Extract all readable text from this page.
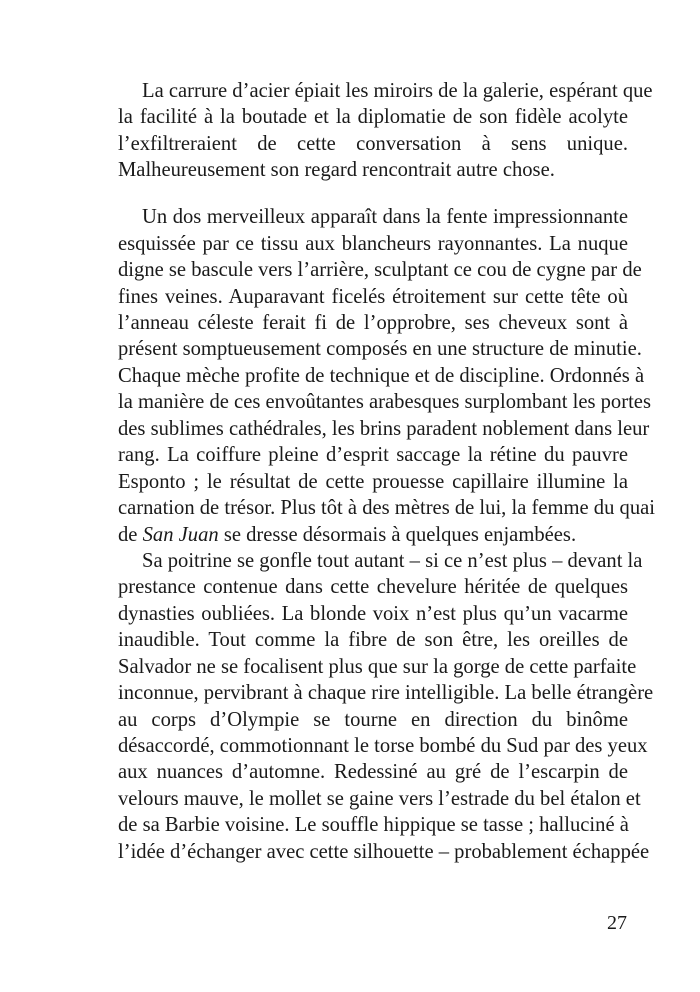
La carrure d’acier épiait les miroirs de la galerie, espérant que
la facilité à la boutade et la diplomatie de son fidèle acolyte
l’exfiltreraient de cette conversation à sens unique.
Malheureusement son regard rencontrait autre chose.
Un dos merveilleux apparaît dans la fente impressionnante
esquissée par ce tissu aux blancheurs rayonnantes. La nuque
digne se bascule vers l’arrière, sculptant ce cou de cygne par de
fines veines. Auparavant ficelés étroitement sur cette tête où
l’anneau céleste ferait fi de l’opprobre, ses cheveux sont à
présent somptueusement composés en une structure de minutie.
Chaque mèche profite de technique et de discipline. Ordonnés à
la manière de ces envoûtantes arabesques surplombant les portes
des sublimes cathédrales, les brins paradent noblement dans leur
rang. La coiffure pleine d’esprit saccage la rétine du pauvre
Esponto ; le résultat de cette prouesse capillaire illumine la
carnation de trésor. Plus tôt à des mètres de lui, la femme du quai
de San Juan se dresse désormais à quelques enjambées.
Sa poitrine se gonfle tout autant – si ce n’est plus – devant la
prestance contenue dans cette chevelure héritée de quelques
dynasties oubliées. La blonde voix n’est plus qu’un vacarme
inaudible. Tout comme la fibre de son être, les oreilles de
Salvador ne se focalisent plus que sur la gorge de cette parfaite
inconnue, pervibrant à chaque rire intelligible. La belle étrangère
au corps d’Olympie se tourne en direction du binôme
désaccordé, commotionnant le torse bombé du Sud par des yeux
aux nuances d’automne. Redessiné au gré de l’escarpin de
velours mauve, le mollet se gaine vers l’estrade du bel étalon et
de sa Barbie voisine. Le souffle hippique se tasse ; halluciné à
l’idée d’échanger avec cette silhouette – probablement échappée
27
